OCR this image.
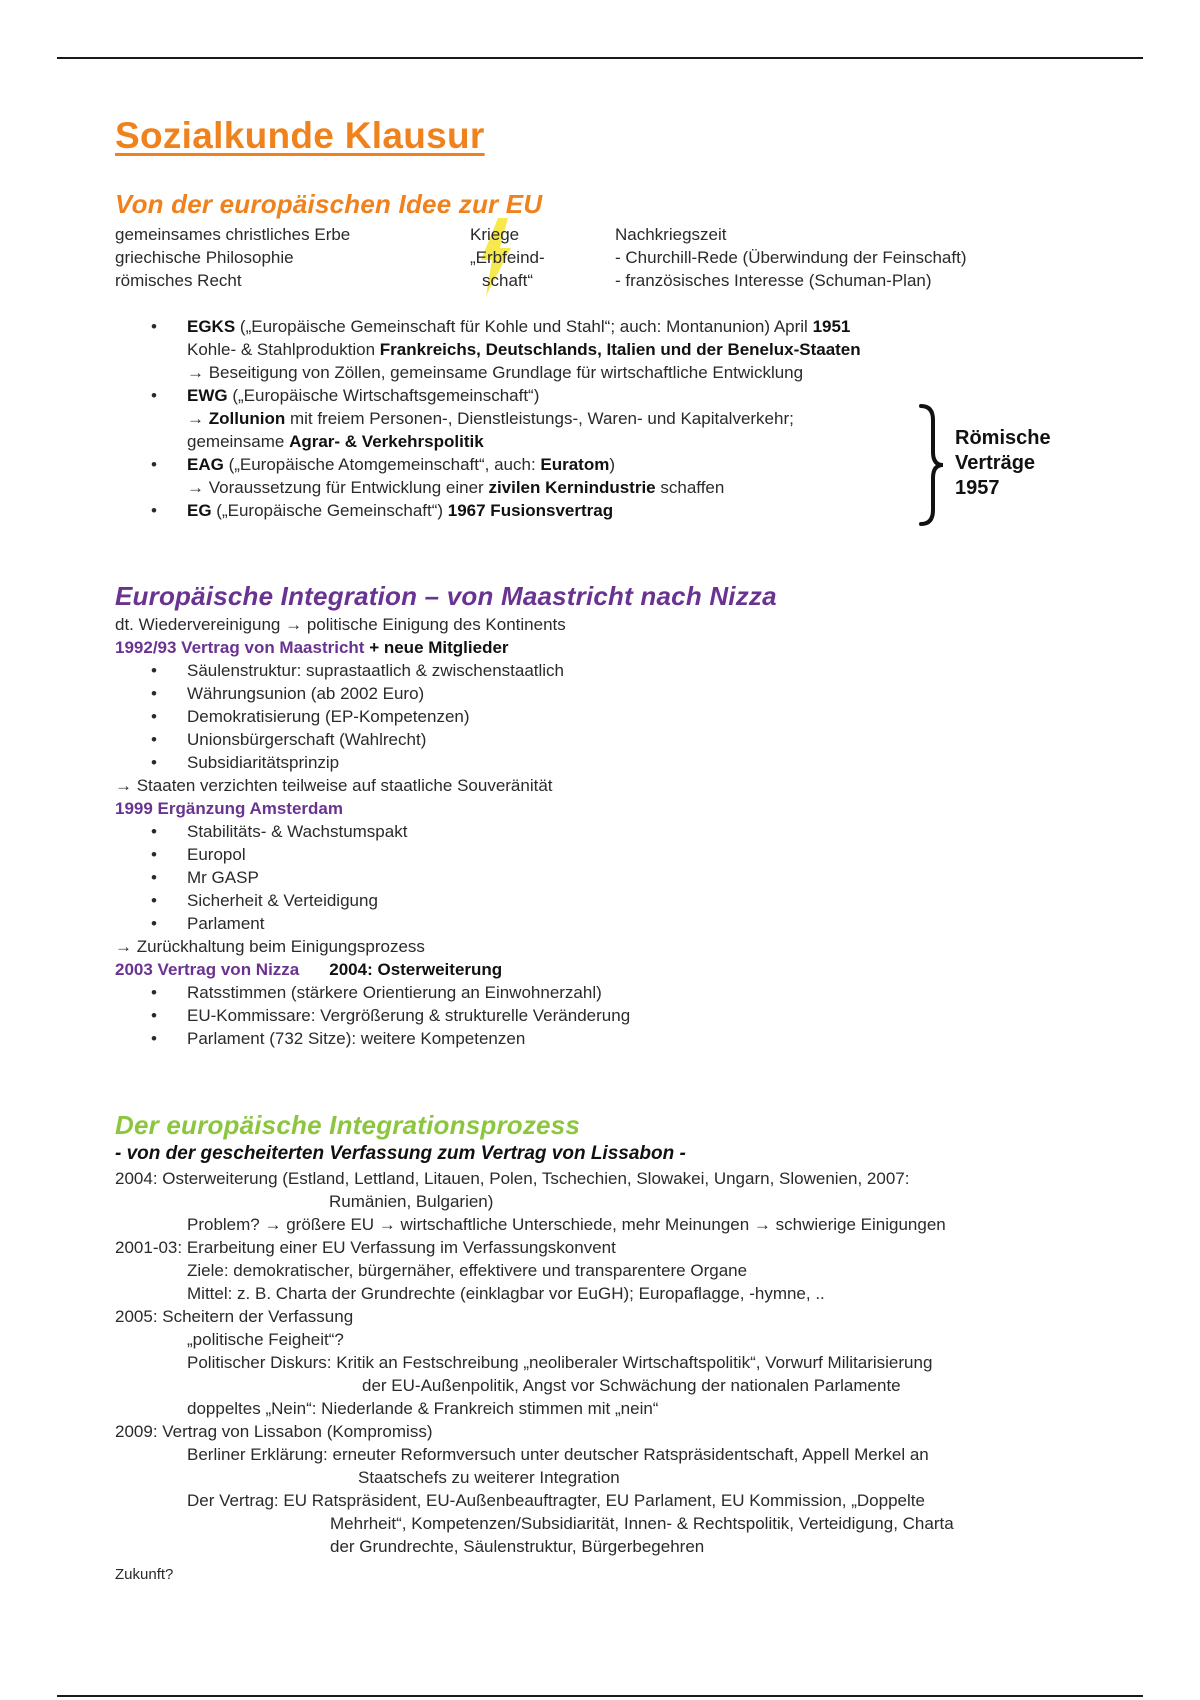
Sozialkunde Klausur
Von der europäischen Idee zur EU
gemeinsames christliches Erbe
griechische Philosophie
römisches Recht
Kriege
„Erbfeind-
schaft“
Nachkriegszeit
- Churchill-Rede (Überwindung der Feinschaft)
- französisches Interesse (Schuman-Plan)
• EGKS („Europäische Gemeinschaft für Kohle und Stahl“; auch: Montanunion) April 1951
Kohle- & Stahlproduktion Frankreichs, Deutschlands, Italien und der Benelux-Staaten
→ Beseitigung von Zöllen, gemeinsame Grundlage für wirtschaftliche Entwicklung
• EWG („Europäische Wirtschaftsgemeinschaft“)
→ Zollunion mit freiem Personen-, Dienstleistungs-, Waren- und Kapitalverkehr;
gemeinsame Agrar- & Verkehrspolitik
• EAG („Europäische Atomgemeinschaft“, auch: Euratom)
→ Voraussetzung für Entwicklung einer zivilen Kernindustrie schaffen
• EG („Europäische Gemeinschaft“) 1967 Fusionsvertrag
Römische
Verträge
1957
Europäische Integration – von Maastricht nach Nizza
dt. Wiedervereinigung → politische Einigung des Kontinents
1992/93 Vertrag von Maastricht + neue Mitglieder
• Säulenstruktur: suprastaatlich & zwischenstaatlich
• Währungsunion (ab 2002 Euro)
• Demokratisierung (EP-Kompetenzen)
• Unionsbürgerschaft (Wahlrecht)
• Subsidiaritätsprinzip
→ Staaten verzichten teilweise auf staatliche Souveränität
1999 Ergänzung Amsterdam
• Stabilitäts- & Wachstumspakt
• Europol
• Mr GASP
• Sicherheit & Verteidigung
• Parlament
→ Zurückhaltung beim Einigungsprozess
2003 Vertrag von Nizza 2004: Osterweiterung
• Ratsstimmen (stärkere Orientierung an Einwohnerzahl)
• EU-Kommissare: Vergrößerung & strukturelle Veränderung
• Parlament (732 Sitze): weitere Kompetenzen
Der europäische Integrationsprozess
- von der gescheiterten Verfassung zum Vertrag von Lissabon -
2004: Osterweiterung (Estland, Lettland, Litauen, Polen, Tschechien, Slowakei, Ungarn, Slowenien, 2007:
Rumänien, Bulgarien)
Problem? → größere EU → wirtschaftliche Unterschiede, mehr Meinungen → schwierige Einigungen
2001-03: Erarbeitung einer EU Verfassung im Verfassungskonvent
Ziele: demokratischer, bürgernäher, effektivere und transparentere Organe
Mittel: z. B. Charta der Grundrechte (einklagbar vor EuGH); Europaflagge, -hymne, ..
2005: Scheitern der Verfassung
„politische Feigheit“?
Politischer Diskurs: Kritik an Festschreibung „neoliberaler Wirtschaftspolitik“, Vorwurf Militarisierung
der EU-Außenpolitik, Angst vor Schwächung der nationalen Parlamente
doppeltes „Nein“: Niederlande & Frankreich stimmen mit „nein“
2009: Vertrag von Lissabon (Kompromiss)
Berliner Erklärung: erneuter Reformversuch unter deutscher Ratspräsidentschaft, Appell Merkel an
Staatschefs zu weiterer Integration
Der Vertrag: EU Ratspräsident, EU-Außenbeauftragter, EU Parlament, EU Kommission, „Doppelte
Mehrheit“, Kompetenzen/Subsidiarität, Innen- & Rechtspolitik, Verteidigung, Charta
der Grundrechte, Säulenstruktur, Bürgerbegehren
Zukunft?
